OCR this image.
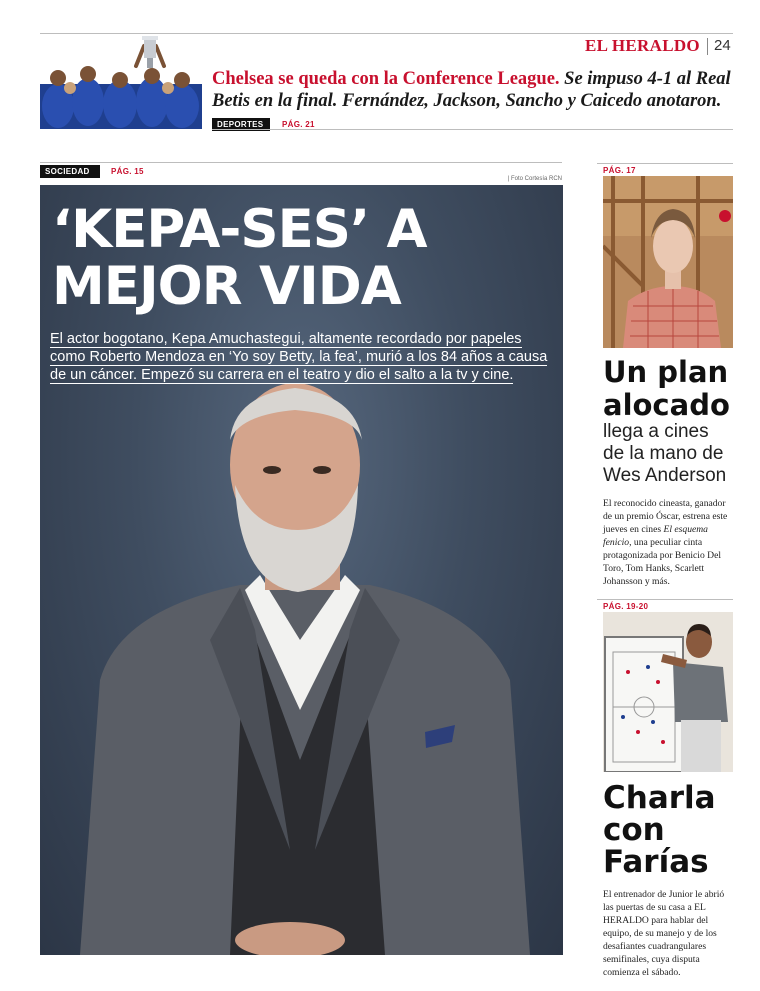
EL HERALDO 24
Chelsea se queda con la Conference League. Se impuso 4-1 al Real Betis en la final. Fernández, Jackson, Sancho y Caicedo anotaron.
DEPORTES	PÁG. 21
SOCIEDAD	PÁG. 15
| Foto Cortesía RCN
‘KEPA-SES’ A
MEJOR VIDA
El actor bogotano, Kepa Amuchastegui, altamente recordado por papeles como Roberto Mendoza en ‘Yo soy Betty, la fea’, murió a los 84 años a causa de un cáncer. Empezó su carrera en el teatro y dio el salto a la tv y cine.
PÁG. 17
Un plan
alocado
llega a cines
de la mano de
Wes Anderson
El reconocido cineasta, ganador de un premio Óscar, estrena este jueves en cines El esquema fenicio, una peculiar cinta protagonizada por Benicio Del Toro, Tom Hanks, Scarlett Johansson y más.
PÁG. 19-20
Charla
con
Farías
El entrenador de Junior le abrió las puertas de su casa a EL HERALDO para hablar del equipo, de su manejo y de los desafiantes cuadrangulares semifinales, cuya disputa comienza el sábado.
